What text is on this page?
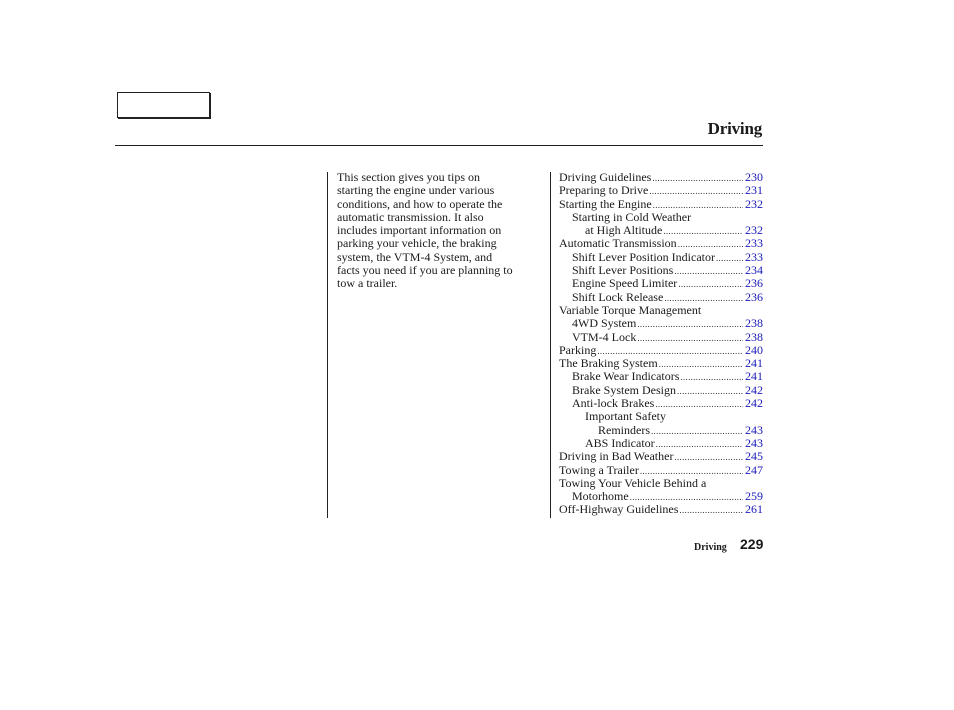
Driving
This section gives you tips on
starting the engine under various
conditions, and how to operate the
automatic transmission. It also
includes important information on
parking your vehicle, the braking
system, the VTM-4 System, and
facts you need if you are planning to
tow a trailer.
Driving Guidelines .....	230
Preparing to Drive .....	231
Starting the Engine .....	232
Starting in Cold Weather
at High Altitude .....	232
Automatic Transmission .....	233
Shift Lever Position Indicator .....	233
Shift Lever Positions .....	234
Engine Speed Limiter .....	236
Shift Lock Release .....	236
Variable Torque Management
4WD System .....	238
VTM-4 Lock .....	238
Parking .....	240
The Braking System .....	241
Brake Wear Indicators .....	241
Brake System Design .....	242
Anti-lock Brakes .....	242
Important Safety
Reminders .....	243
ABS Indicator .....	243
Driving in Bad Weather .....	245
Towing a Trailer .....	247
Towing Your Vehicle Behind a
Motorhome .....	259
Off-Highway Guidelines .....	261
Driving 229
